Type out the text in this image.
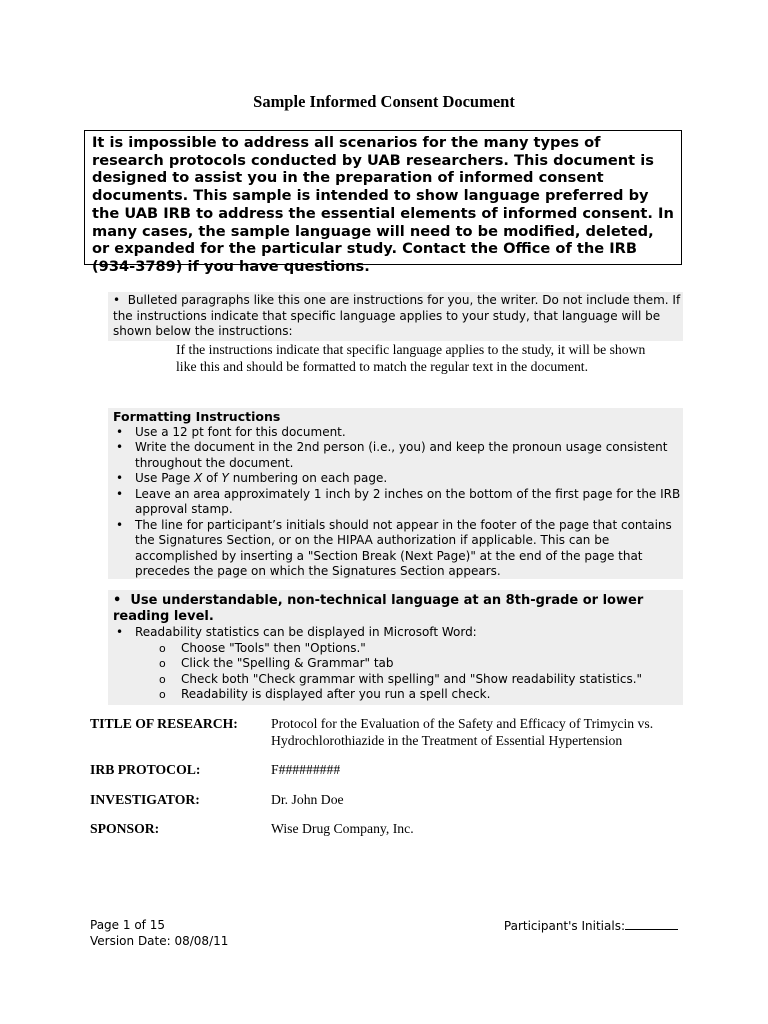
Sample Informed Consent Document
It is impossible to address all scenarios for the many types of research protocols conducted by UAB researchers. This document is designed to assist you in the preparation of informed consent documents. This sample is intended to show language preferred by the UAB IRB to address the essential elements of informed consent. In many cases, the sample language will need to be modified, deleted, or expanded for the particular study. Contact the Office of the IRB (934-3789) if you have questions.
•  Bulleted paragraphs like this one are instructions for you, the writer. Do not include them. If the instructions indicate that specific language applies to your study, that language will be shown below the instructions:
If the instructions indicate that specific language applies to the study, it will be shown like this and should be formatted to match the regular text in the document.
Formatting Instructions
• Use a 12 pt font for this document.
• Write the document in the 2nd person (i.e., you) and keep the pronoun usage consistent throughout the document.
• Use Page X of Y numbering on each page.
• Leave an area approximately 1 inch by 2 inches on the bottom of the first page for the IRB approval stamp.
• The line for participant’s initials should not appear in the footer of the page that contains the Signatures Section, or on the HIPAA authorization if applicable. This can be accomplished by inserting a "Section Break (Next Page)" at the end of the page that precedes the page on which the Signatures Section appears.
•  Use understandable, non-technical language at an 8th-grade or lower reading level.
• Readability statistics can be displayed in Microsoft Word:
o Choose "Tools" then "Options."
o Click the "Spelling & Grammar" tab
o Check both "Check grammar with spelling" and "Show readability statistics."
o Readability is displayed after you run a spell check.
TITLE OF RESEARCH:	Protocol for the Evaluation of the Safety and Efficacy of Trimycin vs. Hydrochlorothiazide in the Treatment of Essential Hypertension
IRB PROTOCOL:	F#########
INVESTIGATOR:	Dr. John Doe
SPONSOR:	Wise Drug Company, Inc.
Page 1 of 15
Version Date: 08/08/11
Participant's Initials:
